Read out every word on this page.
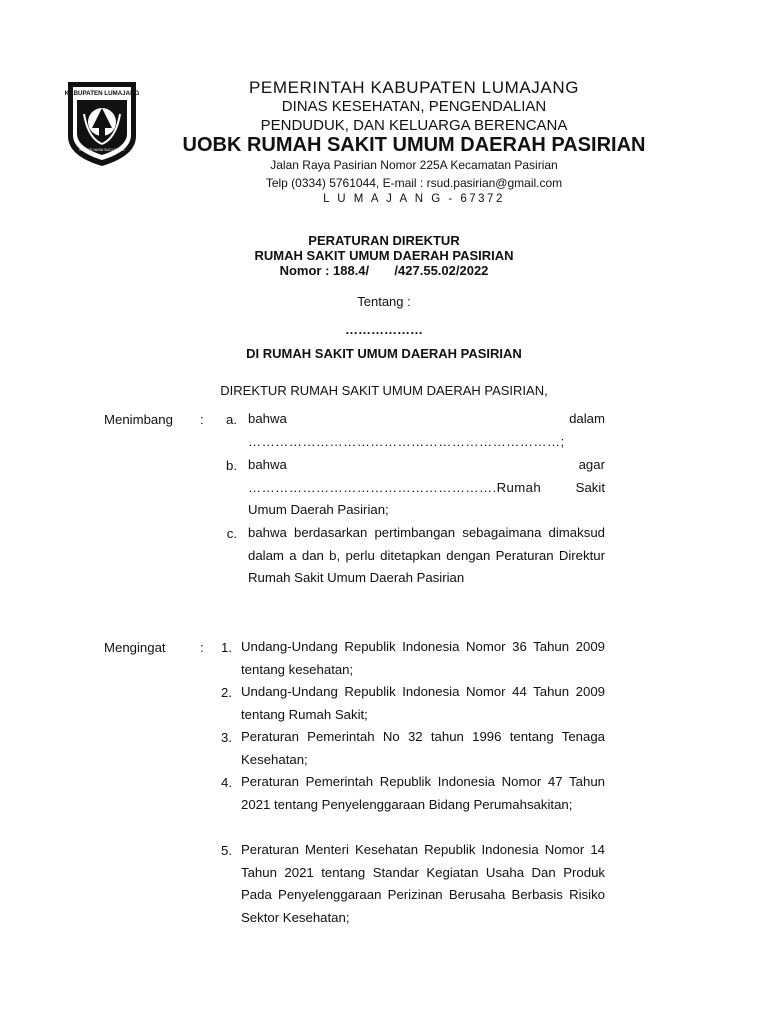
KABUPATEN LUMAJANG
BHAKTI NUSA SUCI DINAS
PEMERINTAH KABUPATEN LUMAJANG
DINAS KESEHATAN, PENGENDALIAN
PENDUDUK, DAN KELUARGA BERENCANA
UOBK RUMAH SAKIT UMUM DAERAH PASIRIAN
Jalan Raya Pasirian Nomor 225A Kecamatan Pasirian
Telp (0334) 5761044, E-mail : rsud.pasirian@gmail.com
L U M A J A N G - 67372
PERATURAN DIREKTUR
RUMAH SAKIT UMUM DAERAH PASIRIAN
Nomor : 188.4/       /427.55.02/2022
Tentang :
………………
DI RUMAH SAKIT UMUM DAERAH PASIRIAN
DIREKTUR RUMAH SAKIT UMUM DAERAH PASIRIAN,
Menimbang :	a. bahwa	dalam
……………………………………………………………;
b. bahwa	agar
……………………………………………….Rumah	Sakit
Umum Daerah Pasirian;
c. bahwa berdasarkan pertimbangan sebagaimana dimaksud dalam a dan b, perlu ditetapkan dengan Peraturan Direktur Rumah Sakit Umum Daerah Pasirian
Mengingat	:	1. Undang-Undang Republik Indonesia Nomor 36 Tahun 2009 tentang kesehatan;
2. Undang-Undang Republik Indonesia Nomor 44 Tahun 2009 tentang Rumah Sakit;
3. Peraturan Pemerintah No 32 tahun 1996 tentang Tenaga Kesehatan;
4. Peraturan Pemerintah Republik Indonesia Nomor 47 Tahun 2021 tentang Penyelenggaraan Bidang Perumahsakitan;
5. Peraturan Menteri Kesehatan Republik Indonesia Nomor 14 Tahun 2021 tentang Standar Kegiatan Usaha Dan Produk Pada Penyelenggaraan Perizinan Berusaha Berbasis Risiko Sektor Kesehatan;
